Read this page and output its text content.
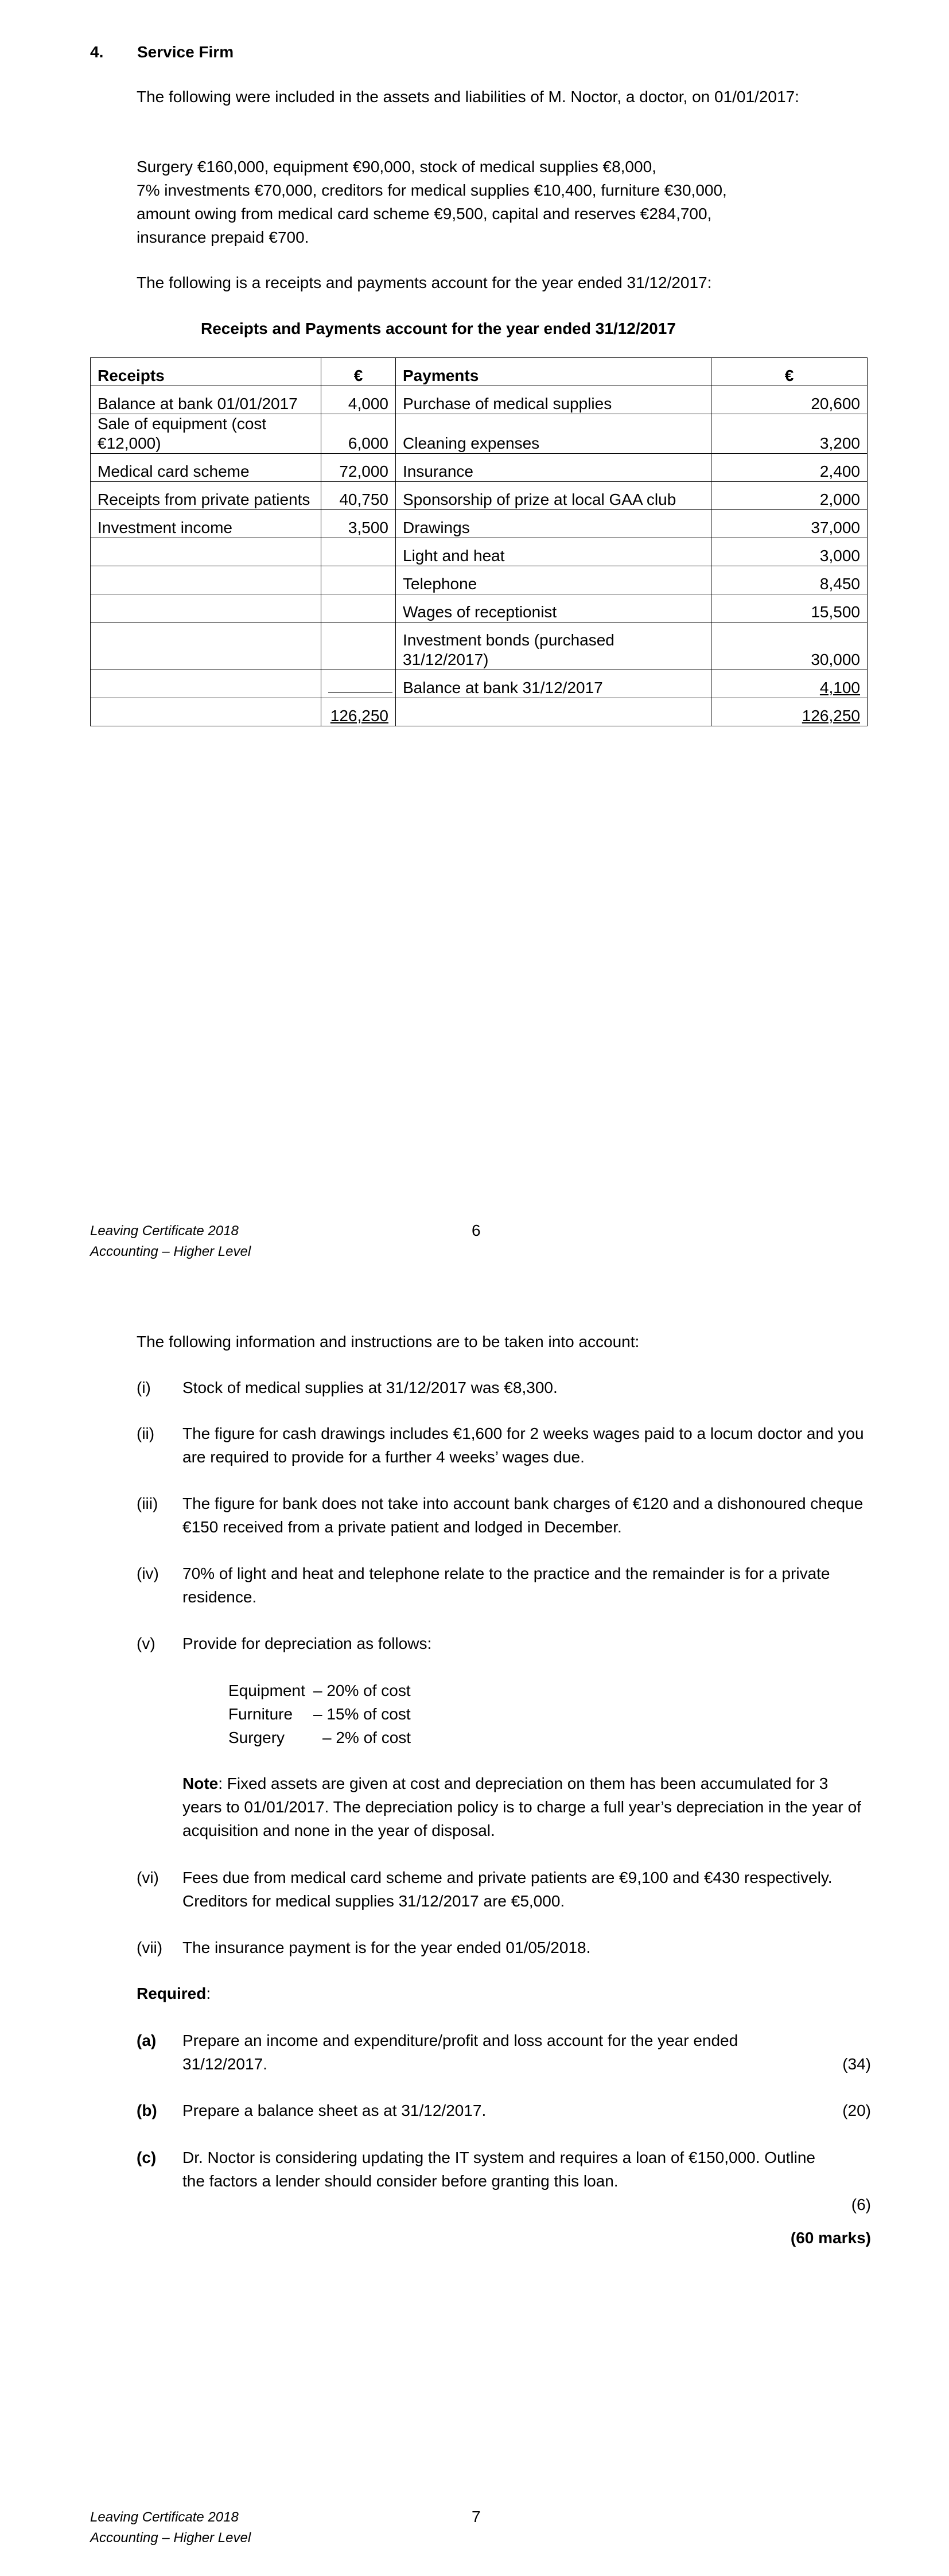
4. Service Firm
The following were included in the assets and liabilities of M. Noctor, a doctor, on 01/01/2017:
Surgery €160,000, equipment €90,000, stock of medical supplies €8,000,
7% investments €70,000, creditors for medical supplies €10,400, furniture €30,000,
amount owing from medical card scheme €9,500, capital and reserves €284,700,
insurance prepaid €700.
The following is a receipts and payments account for the year ended 31/12/2017:
Receipts and Payments account for the year ended 31/12/2017
Receipts	€	Payments	€
Balance at bank 01/01/2017	4,000	Purchase of medical supplies	20,600
Sale of equipment (cost €12,000)	6,000	Cleaning expenses	3,200
Medical card scheme	72,000	Insurance	2,400
Receipts from private patients	40,750	Sponsorship of prize at local GAA club	2,000
Investment income	3,500	Drawings	37,000
		Light and heat	3,000
		Telephone	8,450
		Wages of receptionist	15,500
		Investment bonds (purchased 31/12/2017)	30,000
		Balance at bank 31/12/2017	4,100
	126,250		126,250
Leaving Certificate 2018
Accounting – Higher Level
6
The following information and instructions are to be taken into account:
(i) Stock of medical supplies at 31/12/2017 was €8,300.
(ii) The figure for cash drawings includes €1,600 for 2 weeks wages paid to a locum doctor and you are required to provide for a further 4 weeks’ wages due.
(iii) The figure for bank does not take into account bank charges of €120 and a dishonoured cheque €150 received from a private patient and lodged in December.
(iv) 70% of light and heat and telephone relate to the practice and the remainder is for a private residence.
(v) Provide for depreciation as follows:
Equipment – 20% of cost
Furniture – 15% of cost
Surgery – 2% of cost
Note: Fixed assets are given at cost and depreciation on them has been accumulated for 3 years to 01/01/2017. The depreciation policy is to charge a full year’s depreciation in the year of acquisition and none in the year of disposal.
(vi) Fees due from medical card scheme and private patients are €9,100 and €430 respectively. Creditors for medical supplies 31/12/2017 are €5,000.
(vii) The insurance payment is for the year ended 01/05/2018.
Required:
(a) Prepare an income and expenditure/profit and loss account for the year ended 31/12/2017.	(34)
(b) Prepare a balance sheet as at 31/12/2017.	(20)
(c) Dr. Noctor is considering updating the IT system and requires a loan of €150,000. Outline the factors a lender should consider before granting this loan.
(6)
(60 marks)
Leaving Certificate 2018
Accounting – Higher Level
7
